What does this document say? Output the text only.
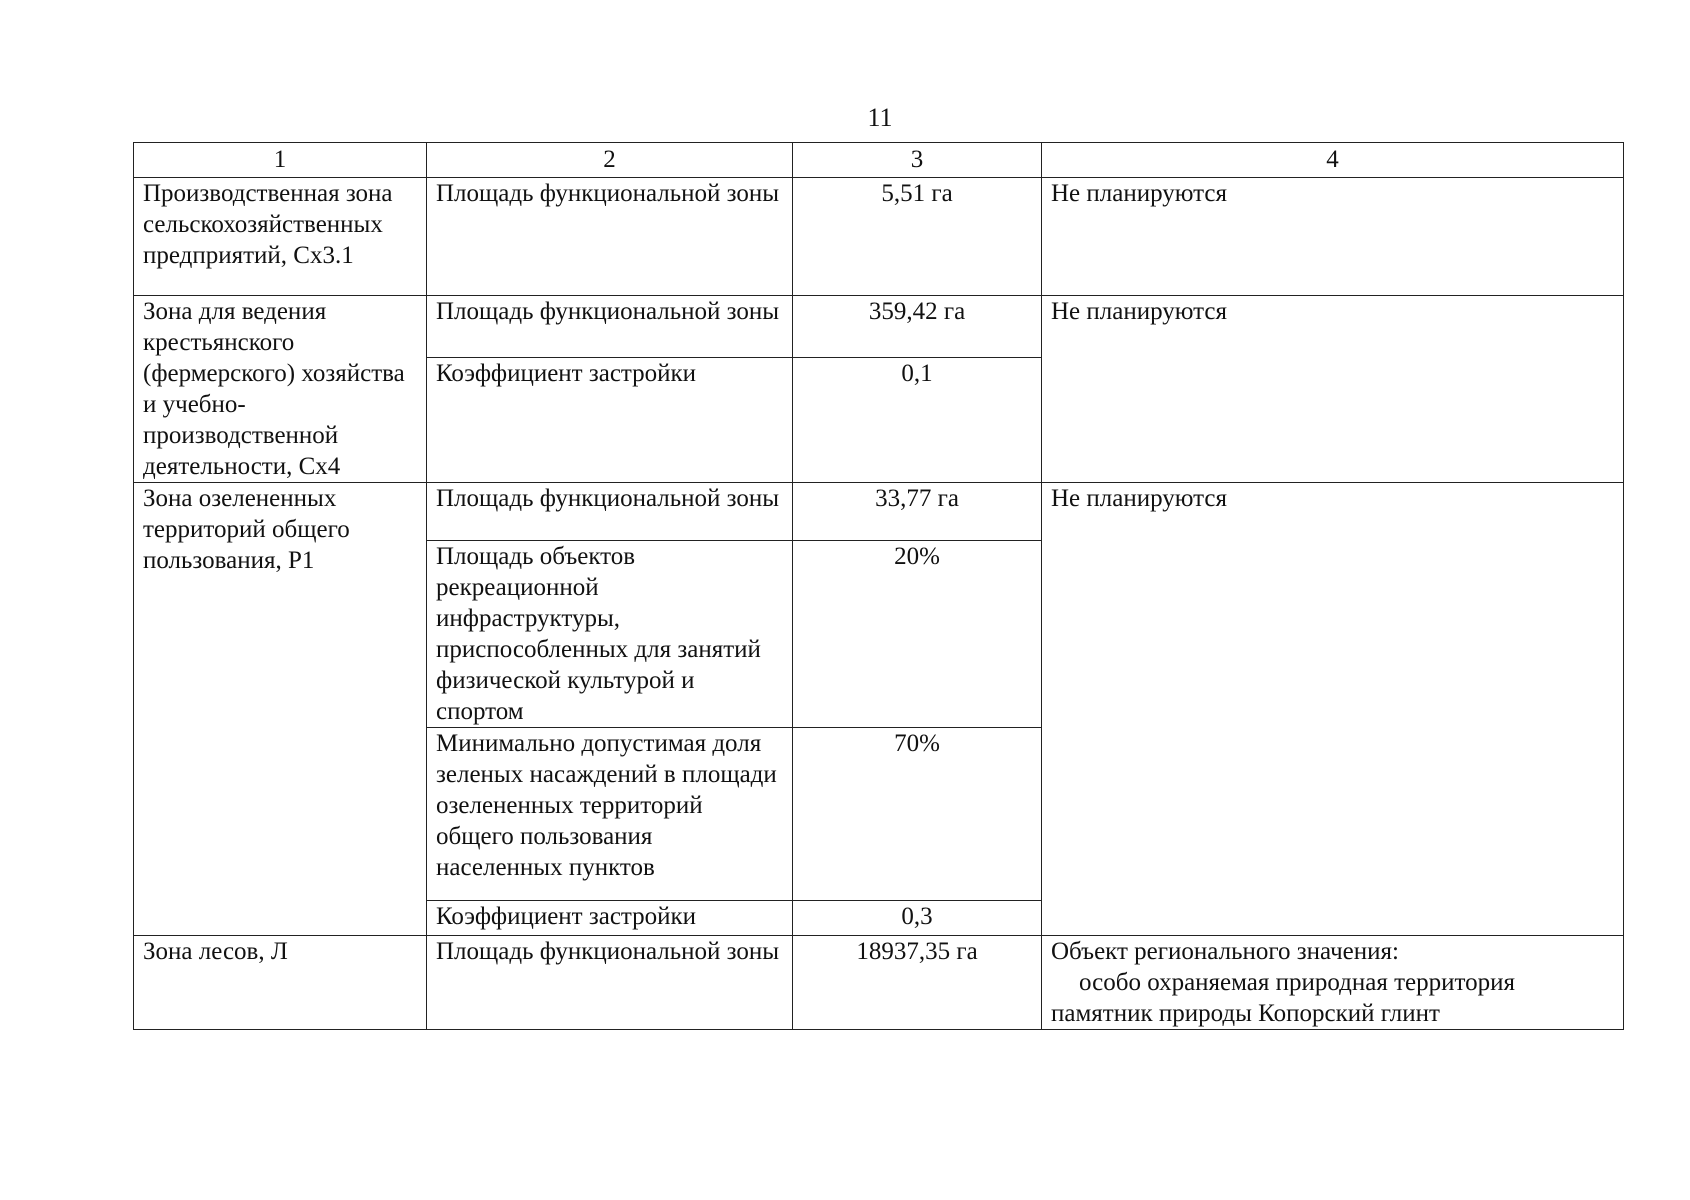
11
1	2	3	4
Производственная зона сельскохозяйственных предприятий, Сх3.1	Площадь функциональной зоны	5,51 га	Не планируются
Зона для ведения крестьянского (фермерского) хозяйства и учебно-производственной деятельности, Сх4	Площадь функциональной зоны	359,42 га	Не планируются
	Коэффициент застройки	0,1	
Зона озелененных территорий общего пользования, Р1	Площадь функциональной зоны	33,77 га	Не планируются
	Площадь объектов рекреационной инфраструктуры, приспособленных для занятий физической культурой и спортом	20%	
	Минимально допустимая доля зеленых насаждений в площади озелененных территорий общего пользования населенных пунктов	70%	
	Коэффициент застройки	0,3	
Зона лесов, Л	Площадь функциональной зоны	18937,35 га	Объект регионального значения:
особо охраняемая природная территория
памятник природы Копорский глинт
